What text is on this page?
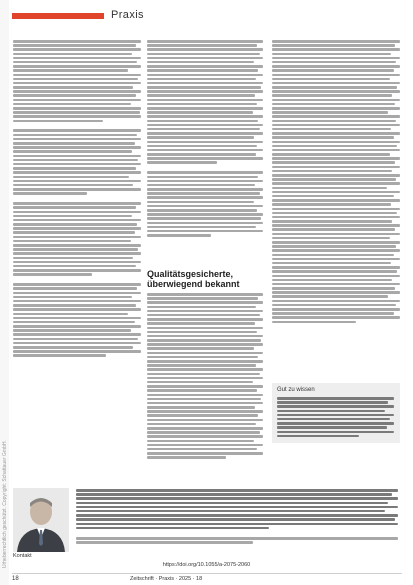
Urheberrechtlich geschützt. Copyright: Schattauer GmbH.
Praxis
Qualitätsgesicherte, überwiegend bekannt
Gut zu wissen
Kontakt
https://doi.org/10.1055/a-2075-2060
18	Zeitschrift · Praxis · 2025 · 18
